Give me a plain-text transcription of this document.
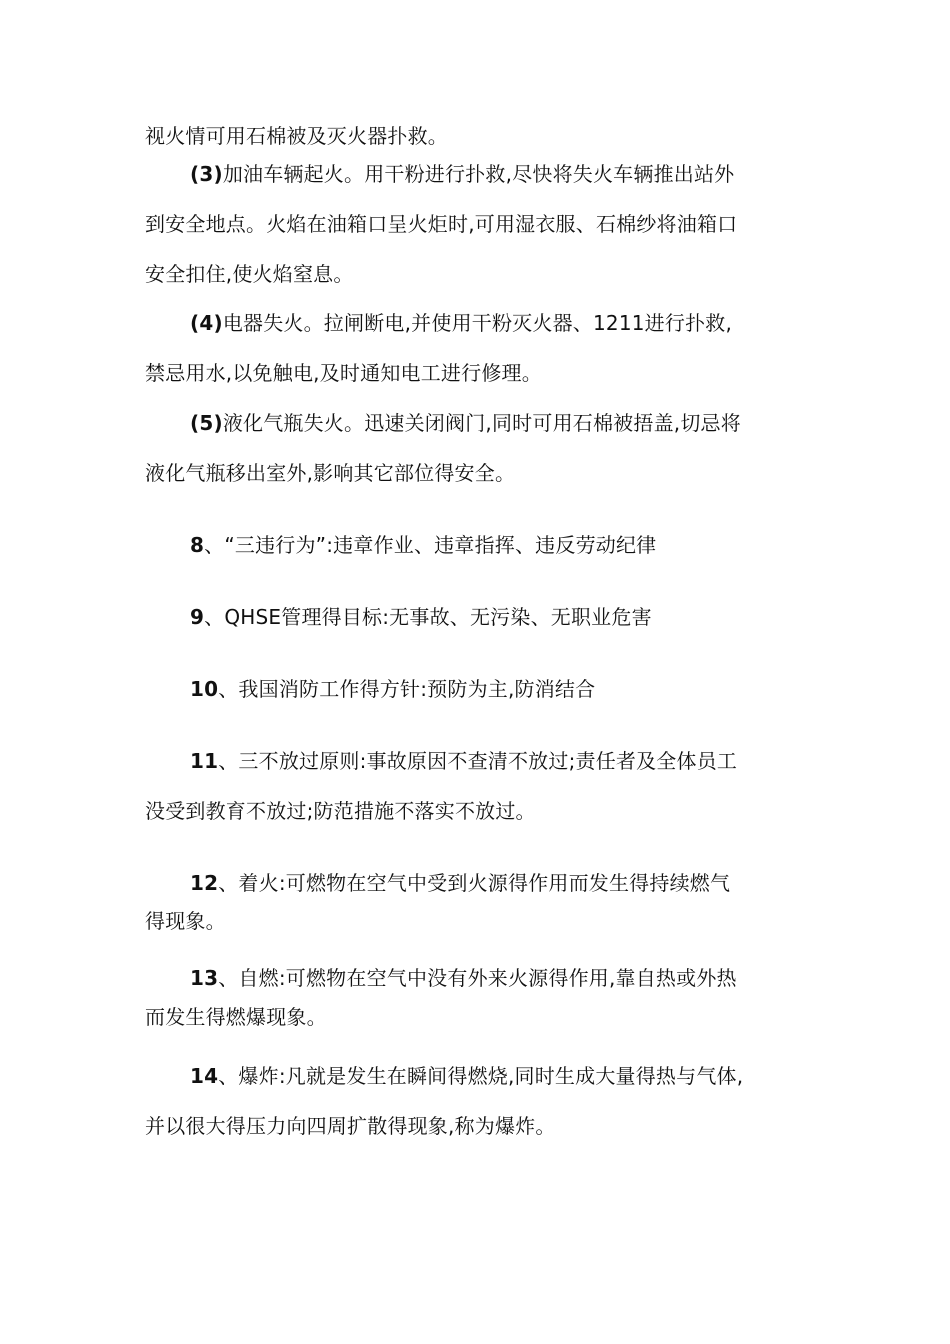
视火情可用石棉被及灭火器扑救。
(3)加油车辆起火。用干粉进行扑救,尽快将失火车辆推出站外
到安全地点。火焰在油箱口呈火炬时,可用湿衣服、石棉纱将油箱口
安全扣住,使火焰窒息。
(4)电器失火。拉闸断电,并使用干粉灭火器、1211进行扑救,
禁忌用水,以免触电,及时通知电工进行修理。
(5)液化气瓶失火。迅速关闭阀门,同时可用石棉被捂盖,切忌将
液化气瓶移出室外,影响其它部位得安全。
8、“三违行为”:违章作业、违章指挥、违反劳动纪律
9、QHSE管理得目标:无事故、无污染、无职业危害
10、我国消防工作得方针:预防为主,防消结合
11、三不放过原则:事故原因不查清不放过;责任者及全体员工
没受到教育不放过;防范措施不落实不放过。
12、着火:可燃物在空气中受到火源得作用而发生得持续燃气
得现象。
13、自燃:可燃物在空气中没有外来火源得作用,靠自热或外热
而发生得燃爆现象。
14、爆炸:凡就是发生在瞬间得燃烧,同时生成大量得热与气体,
并以很大得压力向四周扩散得现象,称为爆炸。
